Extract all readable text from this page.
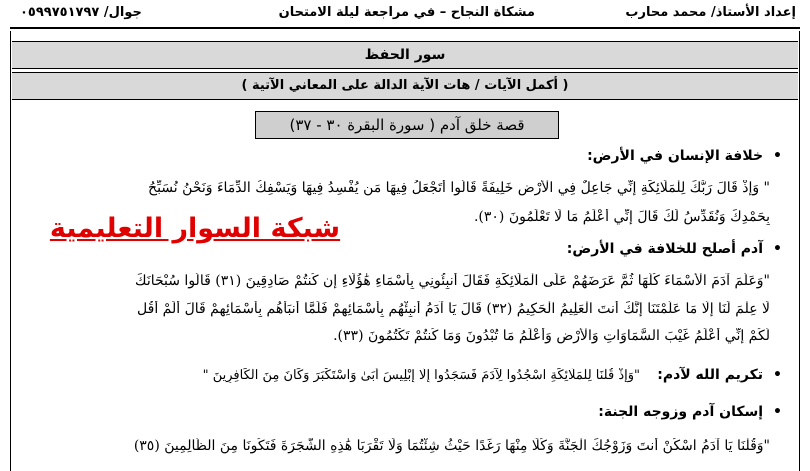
إعداد الأستاذ/ محمد محارب
مشكاة النجاح – في مراجعة ليلة الامتحان
جوال/ ٠٥٩٩٧٥١٧٩٧
سور الحفظ
( أكمل الآيات / هات الآية الدالة على المعاني الآتية )
قصة خلق آدم ( سورة البقرة ٣٠ - ٣٧)
•خلافة الإنسان في الأرض:
" وَإِذْ قَالَ رَبُّكَ لِلْمَلَائِكَةِ إِنِّي جَاعِلٌ فِي الْأَرْضِ خَلِيفَةً قَالُوا أَتَجْعَلُ فِيهَا مَن يُفْسِدُ فِيهَا وَيَسْفِكُ الدِّمَاءَ وَنَحْنُ نُسَبِّحُ
بِحَمْدِكَ وَنُقَدِّسُ لَكَ قَالَ إِنِّي أَعْلَمُ مَا لَا تَعْلَمُونَ (٣٠).
شبكة السوار التعليمية
•آدم أصلح للخلافة في الأرض:
"وَعَلَّمَ آدَمَ الْأَسْمَاءَ كُلَّهَا ثُمَّ عَرَضَهُمْ عَلَى الْمَلَائِكَةِ فَقَالَ أَنبِئُونِي بِأَسْمَاءِ هَٰؤُلَاءِ إِن كُنتُمْ صَادِقِينَ (٣١) قَالُوا سُبْحَانَكَ
لَا عِلْمَ لَنَا إِلَّا مَا عَلَّمْتَنَا إِنَّكَ أَنتَ الْعَلِيمُ الْحَكِيمُ (٣٢) قَالَ يَا آدَمُ أَنبِئْهُم بِأَسْمَائِهِمْ فَلَمَّا أَنبَأَهُم بِأَسْمَائِهِمْ قَالَ أَلَمْ أَقُل
لَّكُمْ إِنِّي أَعْلَمُ غَيْبَ السَّمَاوَاتِ وَالْأَرْضِ وَأَعْلَمُ مَا تُبْدُونَ وَمَا كُنتُمْ تَكْتُمُونَ (٣٣).
•تكريم الله لآدم:
"وَإِذْ قُلْنَا لِلْمَلَائِكَةِ اسْجُدُوا لِآدَمَ فَسَجَدُوا إِلَّا إِبْلِيسَ أَبَىٰ وَاسْتَكْبَرَ وَكَانَ مِنَ الْكَافِرِينَ "
•إسكان آدم وزوجه الجنة:
"وَقُلْنَا يَا آدَمُ اسْكُنْ أَنتَ وَزَوْجُكَ الْجَنَّةَ وَكُلَا مِنْهَا رَغَدًا حَيْثُ شِئْتُمَا وَلَا تَقْرَبَا هَٰذِهِ الشَّجَرَةَ فَتَكُونَا مِنَ الظَّالِمِينَ (٣٥)
